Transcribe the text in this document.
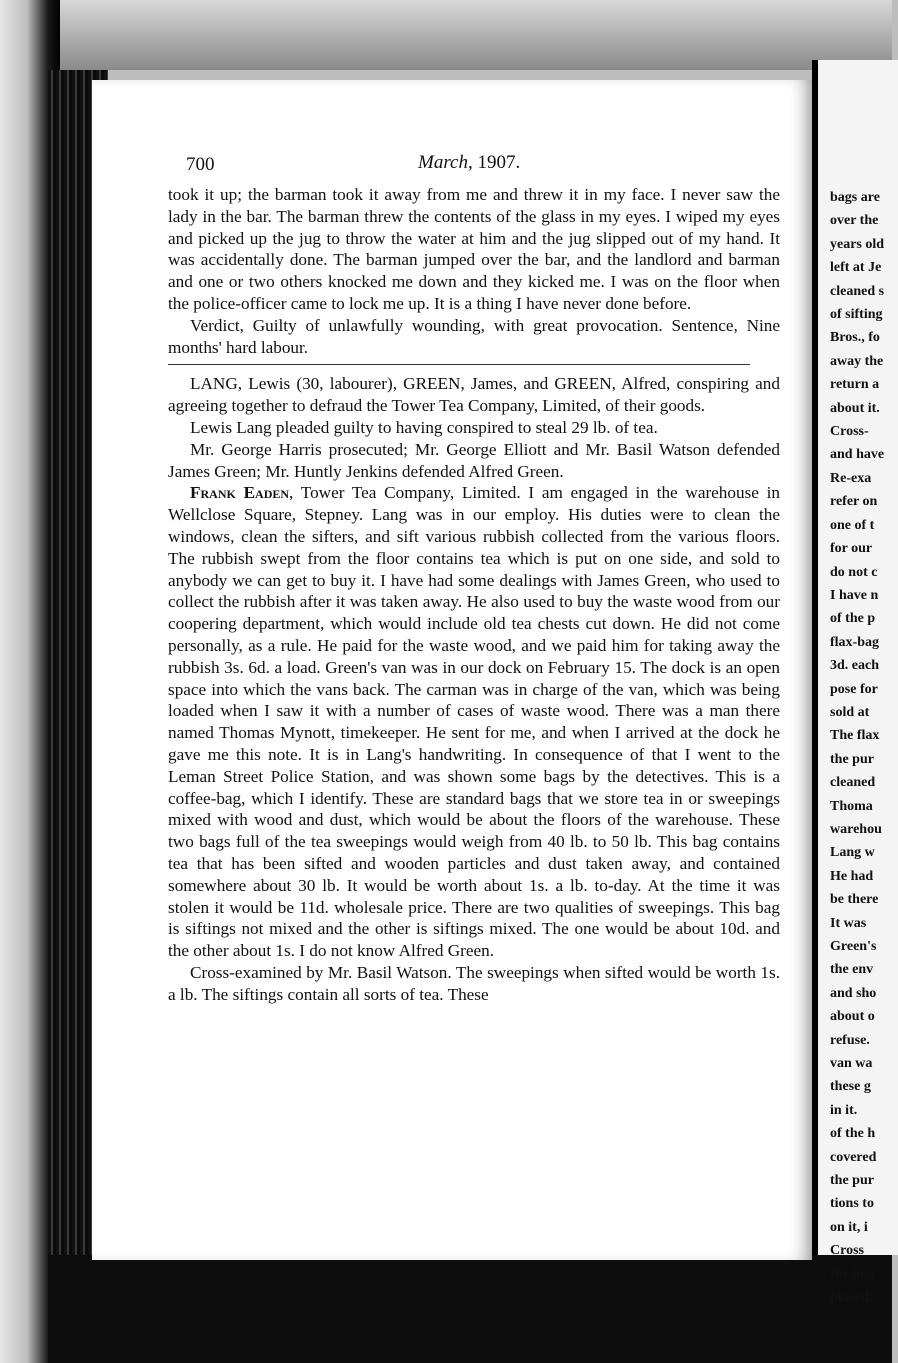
700	March, 1907.

took it up; the barman took it away from me and threw it in my face. I never saw the lady in the bar. The barman threw the contents of the glass in my eyes. I wiped my eyes and picked up the jug to throw the water at him and the jug slipped out of my hand. It was accidentally done. The barman jumped over the bar, and the landlord and barman and one or two others knocked me down and they kicked me. I was on the floor when the police-officer came to lock me up. It is a thing I have never done before.

Verdict, Guilty of unlawfully wounding, with great provocation. Sentence, Nine months' hard labour.

LANG, Lewis (30, labourer), GREEN, James, and GREEN, Alfred, conspiring and agreeing together to defraud the Tower Tea Company, Limited, of their goods.

Lewis Lang pleaded guilty to having conspired to steal 29 lb. of tea.

Mr. George Harris prosecuted; Mr. George Elliott and Mr. Basil Watson defended James Green; Mr. Huntly Jenkins defended Alfred Green.

Frank Eaden, Tower Tea Company, Limited. I am engaged in the warehouse in Wellclose Square, Stepney. Lang was in our employ. His duties were to clean the windows, clean the sifters, and sift various rubbish collected from the various floors. The rubbish swept from the floor contains tea which is put on one side, and sold to anybody we can get to buy it. I have had some dealings with James Green, who used to collect the rubbish after it was taken away. He also used to buy the waste wood from our coopering department, which would include old tea chests cut down. He did not come personally, as a rule. He paid for the waste wood, and we paid him for taking away the rubbish 3s. 6d. a load. Green's van was in our dock on February 15. The dock is an open space into which the vans back. The carman was in charge of the van, which was being loaded when I saw it with a number of cases of waste wood. There was a man there named Thomas Mynott, timekeeper. He sent for me, and when I arrived at the dock he gave me this note. It is in Lang's handwriting. In consequence of that I went to the Leman Street Police Station, and was shown some bags by the detectives. This is a coffee-bag, which I identify. These are standard bags that we store tea in or sweepings mixed with wood and dust, which would be about the floors of the warehouse. These two bags full of the tea sweepings would weigh from 40 lb. to 50 lb. This bag contains tea that has been sifted and wooden particles and dust taken away, and contained somewhere about 30 lb. It would be worth about 1s. a lb. to-day. At the time it was stolen it would be 11d. wholesale price. There are two qualities of sweepings. This bag is siftings not mixed and the other is siftings mixed. The one would be about 10d. and the other about 1s. I do not know Alfred Green.

Cross-examined by Mr. Basil Watson. The sweepings when sifted would be worth 1s. a lb. The siftings contain all sorts of tea. These

bags are
over the
years old
left at Je
cleaned s
of sifting
Bros., fo
away the
return a
about it.
Cross-
and have
Re-exa
refer on
one of t
for our
do not c
I have n
of the p
flax-bag
3d. each
pose for
sold at
The flax
the pur
cleaned
Thoma
warehou
Lang w
He had
be there
It was
Green's
the env
and sho
about o
refuse.
van wa
these g
in it.
of the h
covered
the pur
tions to
on it, i
Cross
the bag
placed.
